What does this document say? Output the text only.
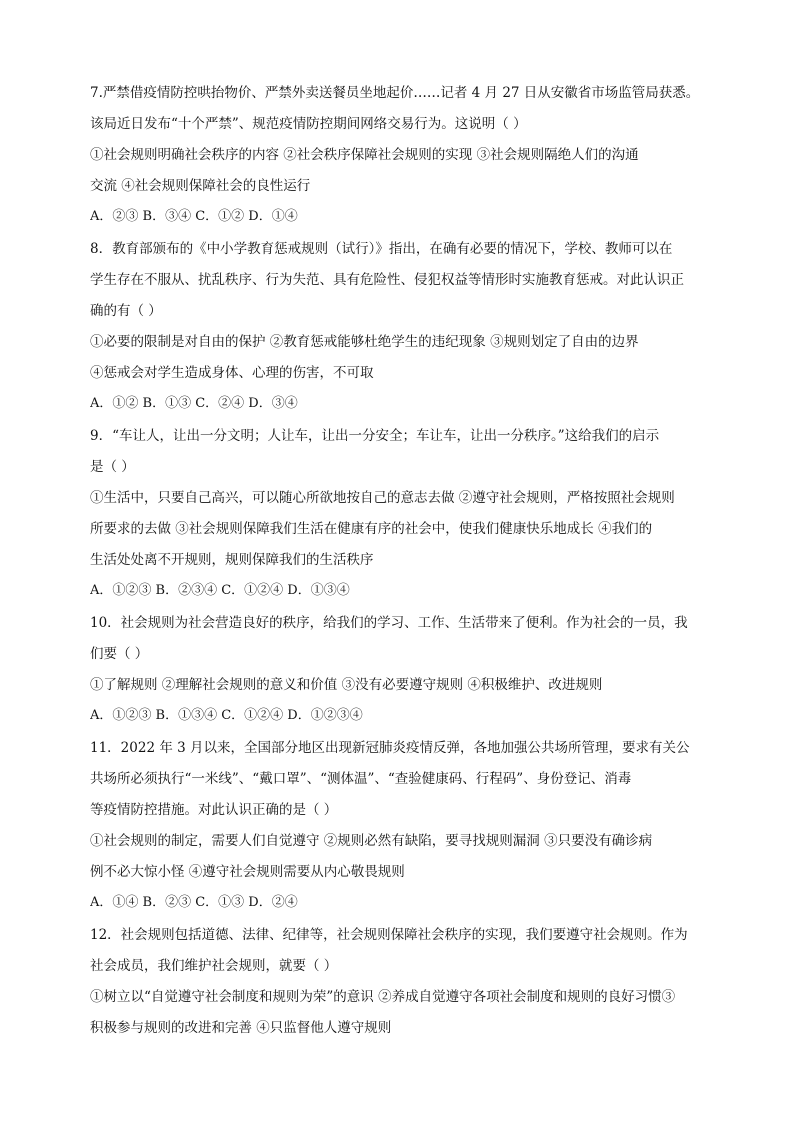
7.严禁借疫情防控哄抬物价、严禁外卖送餐员坐地起价……记者 4 月 27 日从安徽省市场监管局获悉。
该局近日发布“十个严禁”、规范疫情防控期间网络交易行为。这说明（ ）
①社会规则明确社会秩序的内容 ②社会秩序保障社会规则的实现 ③社会规则隔绝人们的沟通
交流 ④社会规则保障社会的良性运行
A．②③ B．③④ C．①② D．①④
8．教育部颁布的《中小学教育惩戒规则（试行）》指出，在确有必要的情况下，学校、教师可以在
学生存在不服从、扰乱秩序、行为失范、具有危险性、侵犯权益等情形时实施教育惩戒。对此认识正
确的有（ ）
①必要的限制是对自由的保护 ②教育惩戒能够杜绝学生的违纪现象 ③规则划定了自由的边界
④惩戒会对学生造成身体、心理的伤害，不可取
A．①② B．①③ C．②④ D．③④
9．“车让人，让出一分文明；人让车，让出一分安全；车让车，让出一分秩序。”这给我们的启示
是（ ）
①生活中，只要自己高兴，可以随心所欲地按自己的意志去做 ②遵守社会规则，严格按照社会规则
所要求的去做 ③社会规则保障我们生活在健康有序的社会中，使我们健康快乐地成长 ④我们的
生活处处离不开规则，规则保障我们的生活秩序
A．①②③ B．②③④ C．①②④ D．①③④
10．社会规则为社会营造良好的秩序，给我们的学习、工作、生活带来了便利。作为社会的一员，我
们要（ ）
①了解规则 ②理解社会规则的意义和价值 ③没有必要遵守规则 ④积极维护、改进规则
A．①②③ B．①③④ C．①②④ D．①②③④
11．2022 年 3 月以来，全国部分地区出现新冠肺炎疫情反弹，各地加强公共场所管理，要求有关公
共场所必须执行“一米线”、“戴口罩”、“测体温”、“查验健康码、行程码”、身份登记、消毒
等疫情防控措施。对此认识正确的是（ ）
①社会规则的制定，需要人们自觉遵守 ②规则必然有缺陷，要寻找规则漏洞 ③只要没有确诊病
例不必大惊小怪 ④遵守社会规则需要从内心敬畏规则
A．①④ B．②③ C．①③ D．②④
12．社会规则包括道德、法律、纪律等，社会规则保障社会秩序的实现，我们要遵守社会规则。作为
社会成员，我们维护社会规则，就要（ ）
①树立以“自觉遵守社会制度和规则为荣”的意识 ②养成自觉遵守各项社会制度和规则的良好习惯③
积极参与规则的改进和完善 ④只监督他人遵守规则
